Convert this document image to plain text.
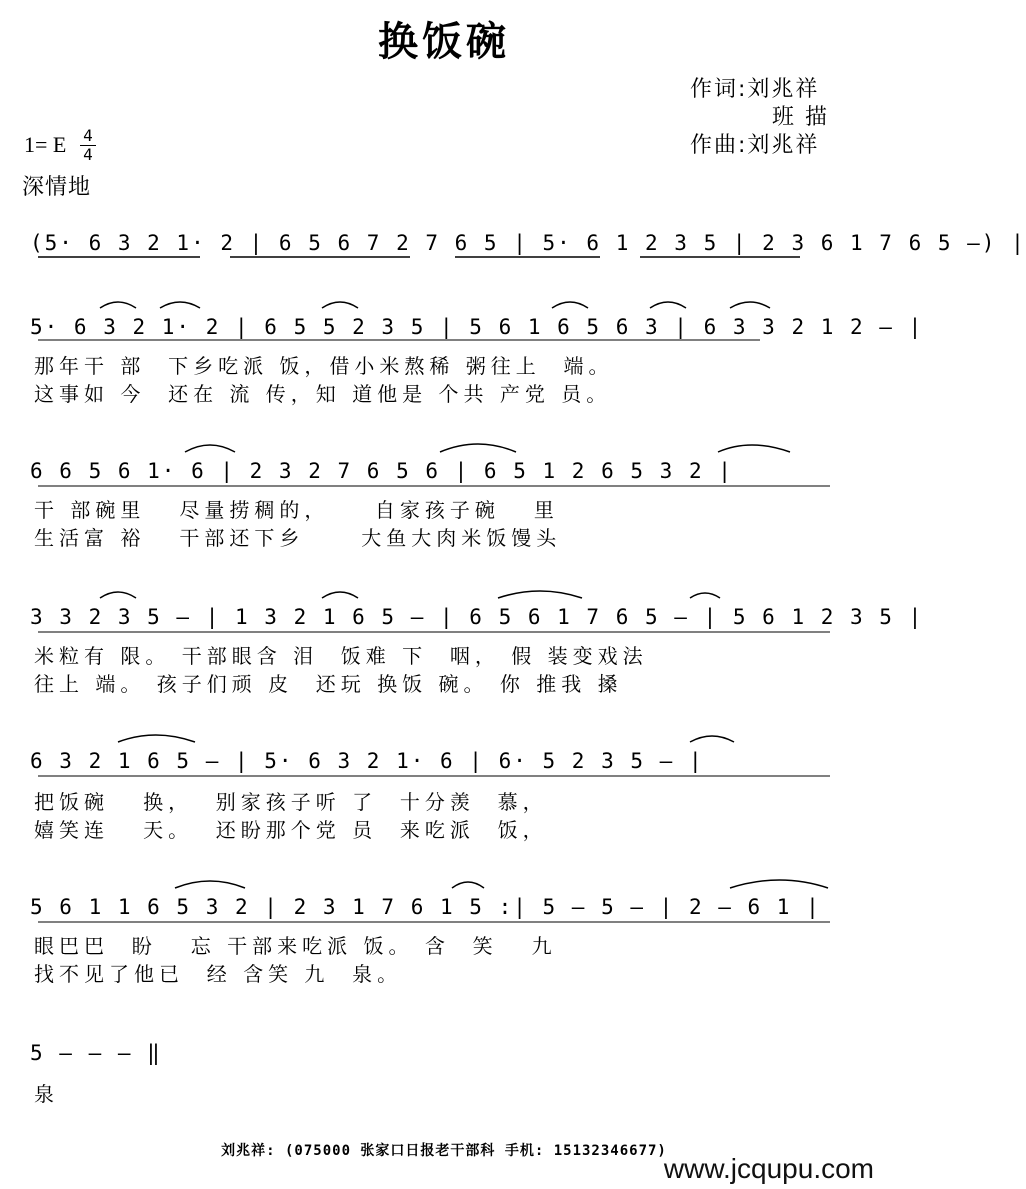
换饭碗
作词:刘兆祥
班 描
作曲:刘兆祥
1= E 4
4
深情地
(5· 6 3 2 1· 2 | 6 5 6 7 2 7 6 5 | 5· 6 1 2 3 5 | 2 3 6 1 7 6 5 —) |
5· 6 3 2 1· 2 | 6 5 5 2 3 5 | 5 6 1 6 5 6 3 | 6 3 3 2 1 2 — |
那年干 部  下乡吃派 饭，借小米熬稀 粥往上  端。
这事如 今  还在 流 传，知 道他是 个共 产党 员。
6 6 5 6 1· 6 | 2 3 2 7 6 5 6 | 6 5 1 2 6 5 3 2 |
干 部碗里   尽量捞稠的，    自家孩子碗   里
生活富 裕   干部还下乡     大鱼大肉米饭馒头
3 3 2 3 5 — | 1 3 2 1 6 5 — | 6 5 6 1 7 6 5 — | 5 6 1 2 3 5 |
米粒有 限。 干部眼含 泪  饭难 下  咽， 假 装变戏法
往上 端。 孩子们顽 皮  还玩 换饭 碗。 你 推我 搡
6 3 2 1 6 5 — | 5· 6 3 2 1· 6 | 6· 5 2 3 5 — |
把饭碗   换，  别家孩子听 了  十分羡  慕，
嬉笑连   天。  还盼那个党 员  来吃派  饭，
5 6 1 1 6 5 3 2 | 2 3 1 7 6 1 5 :| 5 — 5 — | 2 — 6 1 |
眼巴巴  盼   忘 干部来吃派 饭。 含  笑   九
找不见了他已  经 含笑 九  泉。
5 — — — ‖
泉
刘兆祥: (075000 张家口日报老干部科 手机: 15132346677)
www.jcqupu.com
